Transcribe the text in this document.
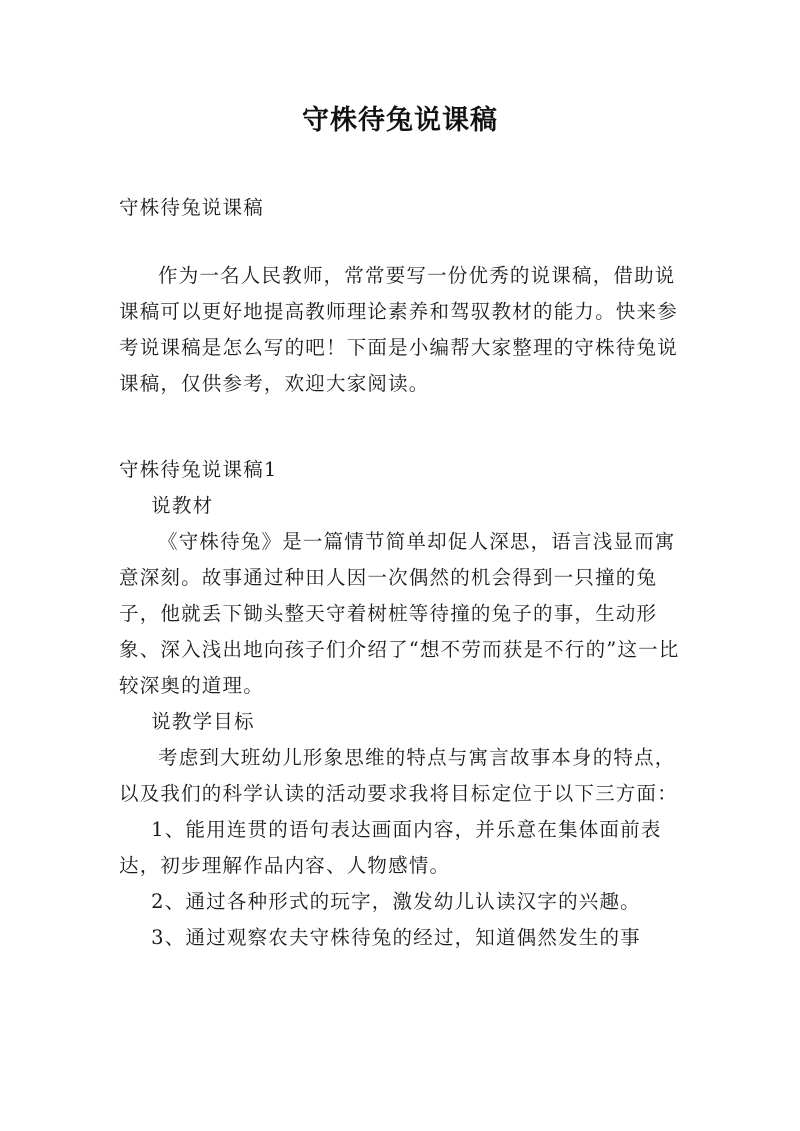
守株待兔说课稿
守株待兔说课稿

作为一名人民教师，常常要写一份优秀的说课稿，借助说课稿可以更好地提高教师理论素养和驾驭教材的能力。快来参考说课稿是怎么写的吧！下面是小编帮大家整理的守株待兔说课稿，仅供参考，欢迎大家阅读。

守株待兔说课稿1

说教材

《守株待兔》是一篇情节简单却促人深思，语言浅显而寓意深刻。故事通过种田人因一次偶然的机会得到一只撞的兔子，他就丢下锄头整天守着树桩等待撞的兔子的事，生动形象、深入浅出地向孩子们介绍了“想不劳而获是不行的”这一比较深奥的道理。

说教学目标

考虑到大班幼儿形象思维的特点与寓言故事本身的特点，以及我们的科学认读的活动要求我将目标定位于以下三方面：

1、能用连贯的语句表达画面内容，并乐意在集体面前表达，初步理解作品内容、人物感情。

2、通过各种形式的玩字，激发幼儿认读汉字的兴趣。

3、通过观察农夫守株待兔的经过，知道偶然发生的事
